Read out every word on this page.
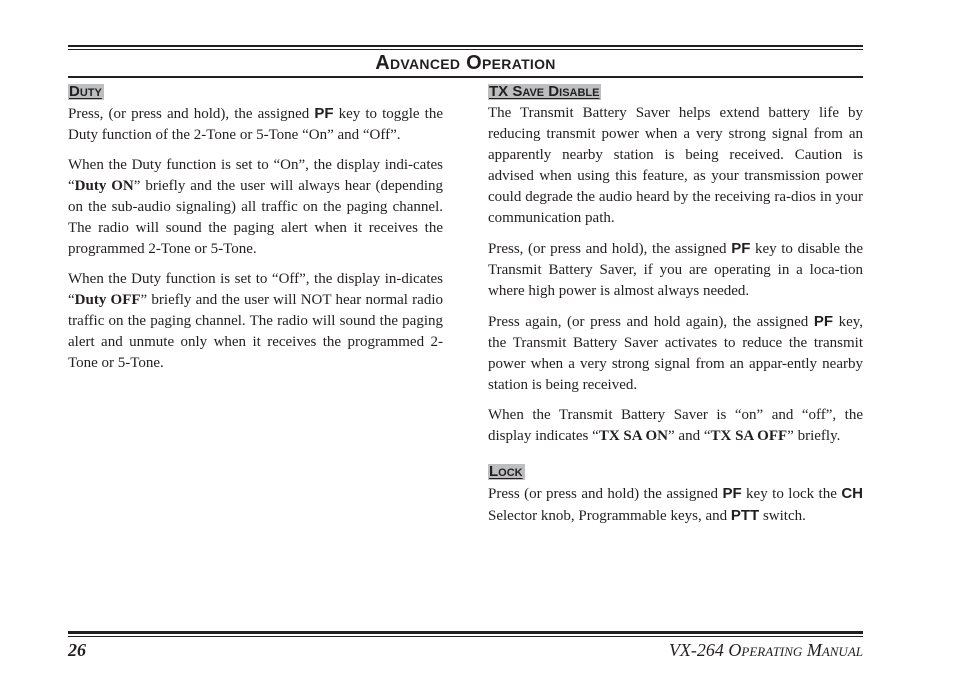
Advanced Operation
Duty

Press, (or press and hold), the assigned PF key to toggle the Duty function of the 2-Tone or 5-Tone “On” and “Off”.

When the Duty function is set to “On”, the display indi-cates “Duty ON” briefly and the user will always hear (depending on the sub-audio signaling) all traffic on the paging channel. The radio will sound the paging alert when it receives the programmed 2-Tone or 5-Tone.

When the Duty function is set to “Off”, the display in-dicates “Duty OFF” briefly and the user will NOT hear normal radio traffic on the paging channel. The radio will sound the paging alert and unmute only when it receives the programmed 2-Tone or 5-Tone.

TX Save Disable

The Transmit Battery Saver helps extend battery life by reducing transmit power when a very strong signal from an apparently nearby station is being received. Caution is advised when using this feature, as your transmission power could degrade the audio heard by the receiving ra-dios in your communication path.

Press, (or press and hold), the assigned PF key to disable the Transmit Battery Saver, if you are operating in a loca-tion where high power is almost always needed.

Press again, (or press and hold again), the assigned PF key, the Transmit Battery Saver activates to reduce the transmit power when a very strong signal from an appar-ently nearby station is being received.

When the Transmit Battery Saver is “on” and “off”, the display indicates “TX SA ON” and “TX SA OFF” briefly.

Lock

Press (or press and hold) the assigned PF key to lock the CH Selector knob, Programmable keys, and PTT switch.

26	VX-264 Operating Manual
